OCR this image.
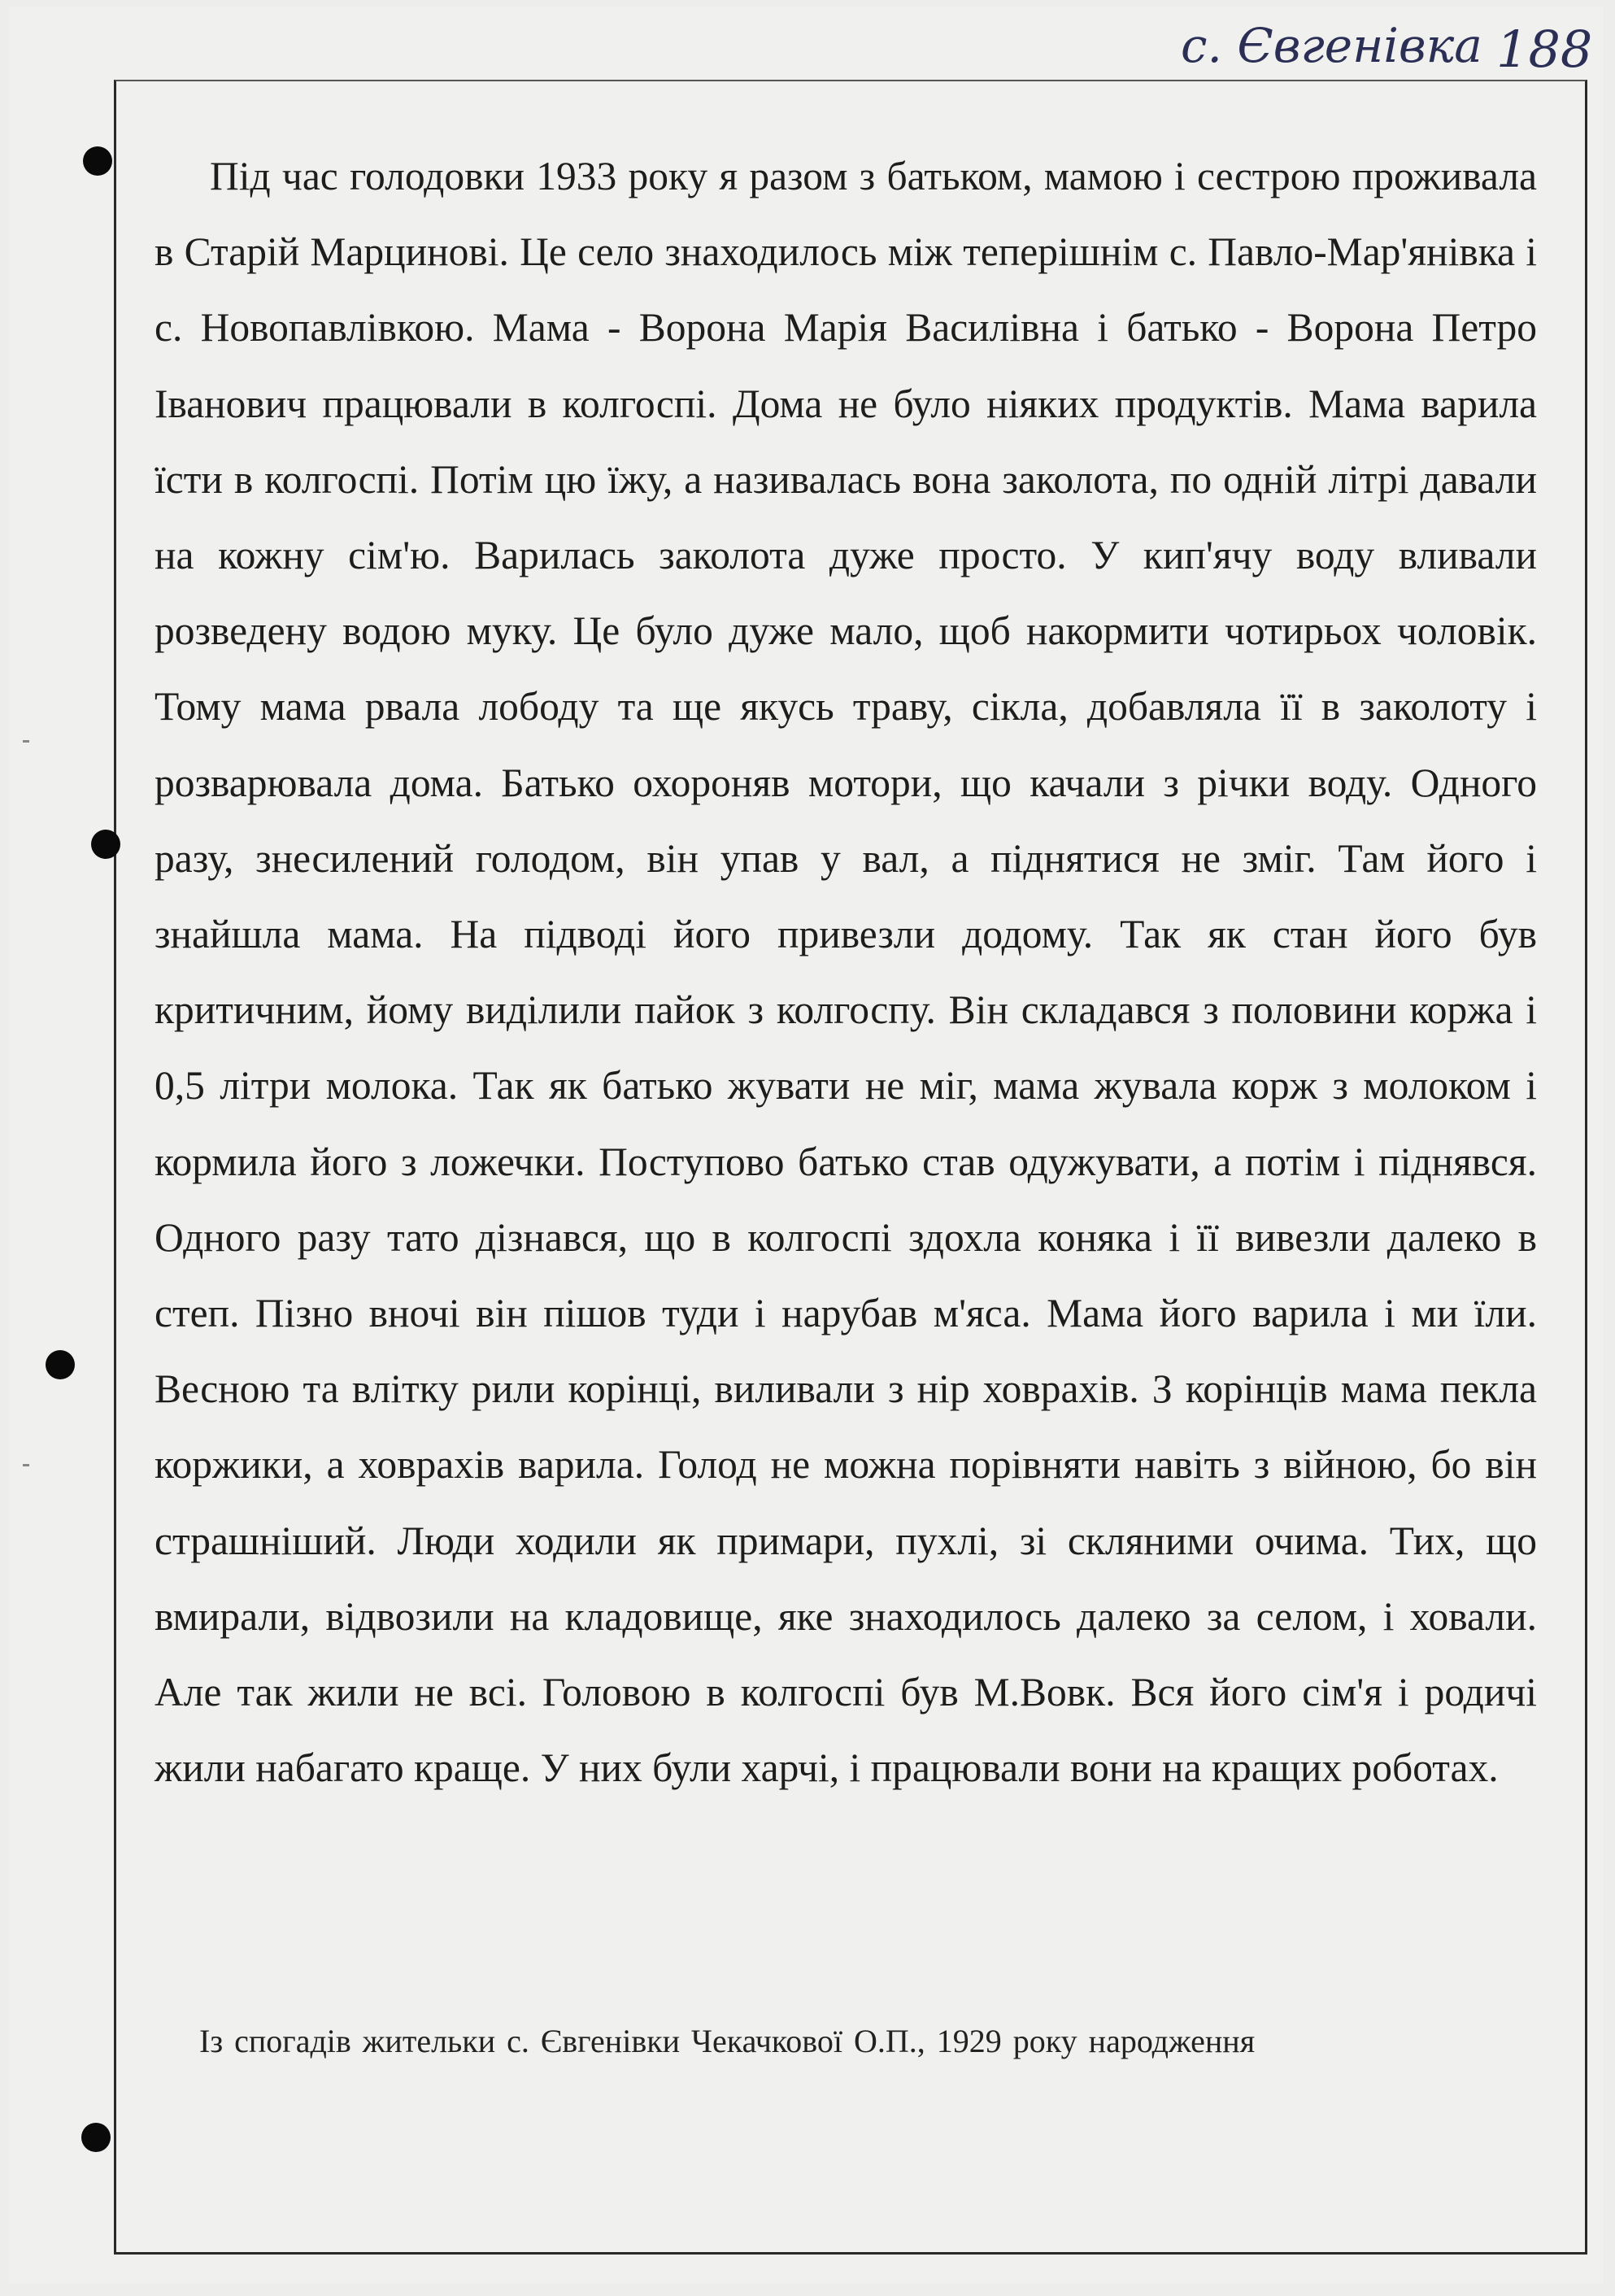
с. Євгенівка 188

Під час голодовки 1933 року я разом з батьком, мамою і сестрою проживала в Старій Марциновi. Це село знаходилось між теперішнім с. Павло-Мар'янівка і с. Новопавлівкою. Мама - Ворона Марія Василівна і батько - Ворона Петро Іванович працювали в колгоспі. Дома не було ніяких продуктів. Мама варила їсти в колгоспі. Потім цю їжу, а називалась вона заколота, по одній літрі давали на кожну сім'ю. Варилась заколота дуже просто. У кип'ячу воду вливали розведену водою муку. Це було дуже мало, щоб накормити чотирьох чоловік. Тому мама рвала лободу та ще якусь траву, сікла, добавляла її в заколоту і розварювала дома. Батько охороняв мотори, що качали з річки воду. Одного разу, знесилений голодом, він упав у вал, а піднятися не зміг. Там його і знайшла мама. На підводі його привезли додому. Так як стан його був критичним, йому виділили пайок з колгоспу. Він складався з половини коржа і 0,5 літри молока. Так як батько жувати не міг, мама жувала корж з молоком і кормила його з ложечки. Поступово батько став одужувати, а потім і піднявся. Одного разу тато дізнався, що в колгоспі здохла коняка і її вивезли далеко в степ. Пізно вночі він пішов туди і нарубав м'яса. Мама його варила і ми їли. Весною та влітку рили корінці, виливали з нір ховрахів. З корінців мама пекла коржики, а ховрахів варила. Голод не можна порівняти навіть з війною, бо він страшніший. Люди ходили як примари, пухлі, зі скляними очима. Тих, що вмирали, відвозили на кладовище, яке знаходилось далеко за селом, і ховали. Але так жили не всі. Головою в колгоспі був М.Вовк. Вся його сім'я і родичі жили набагато краще. У них були харчі, і працювали вони на кращих роботах.

Із спогадів жительки с. Євгенівки Чекачкової О.П., 1929 року народження
